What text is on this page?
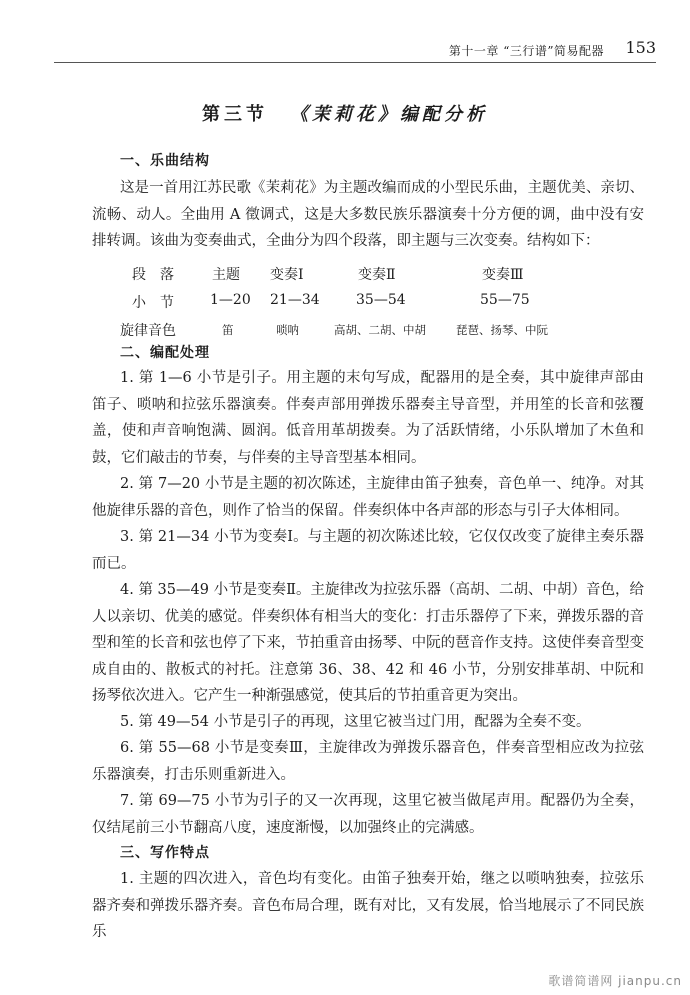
第十一章 “三行谱”简易配器 153
第三节 《茉莉花》编配分析
一、乐曲结构

这是一首用江苏民歌《茉莉花》为主题改编而成的小型民乐曲，主题优美、亲切、流畅、动人。全曲用 A 徵调式，这是大多数民族乐器演奏十分方便的调，曲中没有安排转调。该曲为变奏曲式，全曲分为四个段落，即主题与三次变奏。结构如下：

段　落	主题 变奏Ⅰ	变奏Ⅱ	变奏Ⅲ
小　节	1—20 21—34	35—54	55—75
旋律音色	笛	唢呐	高胡、二胡、中胡	琵琶、扬琴、中阮
二、编配处理

1. 第 1—6 小节是引子。用主题的末句写成，配器用的是全奏，其中旋律声部由笛子、唢呐和拉弦乐器演奏。伴奏声部用弹拨乐器奏主导音型，并用笙的长音和弦覆盖，使和声音响饱满、圆润。低音用革胡拨奏。为了活跃情绪，小乐队增加了木鱼和鼓，它们敲击的节奏，与伴奏的主导音型基本相同。

2. 第 7—20 小节是主题的初次陈述，主旋律由笛子独奏，音色单一、纯净。对其他旋律乐器的音色，则作了恰当的保留。伴奏织体中各声部的形态与引子大体相同。

3. 第 21—34 小节为变奏Ⅰ。与主题的初次陈述比较，它仅仅改变了旋律主奏乐器而已。

4. 第 35—49 小节是变奏Ⅱ。主旋律改为拉弦乐器（高胡、二胡、中胡）音色，给人以亲切、优美的感觉。伴奏织体有相当大的变化：打击乐器停了下来，弹拨乐器的音型和笙的长音和弦也停了下来，节拍重音由扬琴、中阮的琶音作支持。这使伴奏音型变成自由的、散板式的衬托。注意第 36、38、42 和 46 小节，分别安排革胡、中阮和扬琴依次进入。它产生一种渐强感觉，使其后的节拍重音更为突出。

5. 第 49—54 小节是引子的再现，这里它被当过门用，配器为全奏不变。

6. 第 55—68 小节是变奏Ⅲ，主旋律改为弹拨乐器音色，伴奏音型相应改为拉弦乐器演奏，打击乐则重新进入。

7. 第 69—75 小节为引子的又一次再现，这里它被当做尾声用。配器仍为全奏，仅结尾前三小节翻高八度，速度渐慢，以加强终止的完满感。

三、写作特点

1. 主题的四次进入，音色均有变化。由笛子独奏开始，继之以唢呐独奏，拉弦乐器齐奏和弹拨乐器齐奏。音色布局合理，既有对比，又有发展，恰当地展示了不同民族乐

歌谱简谱网 jianpu.cn
